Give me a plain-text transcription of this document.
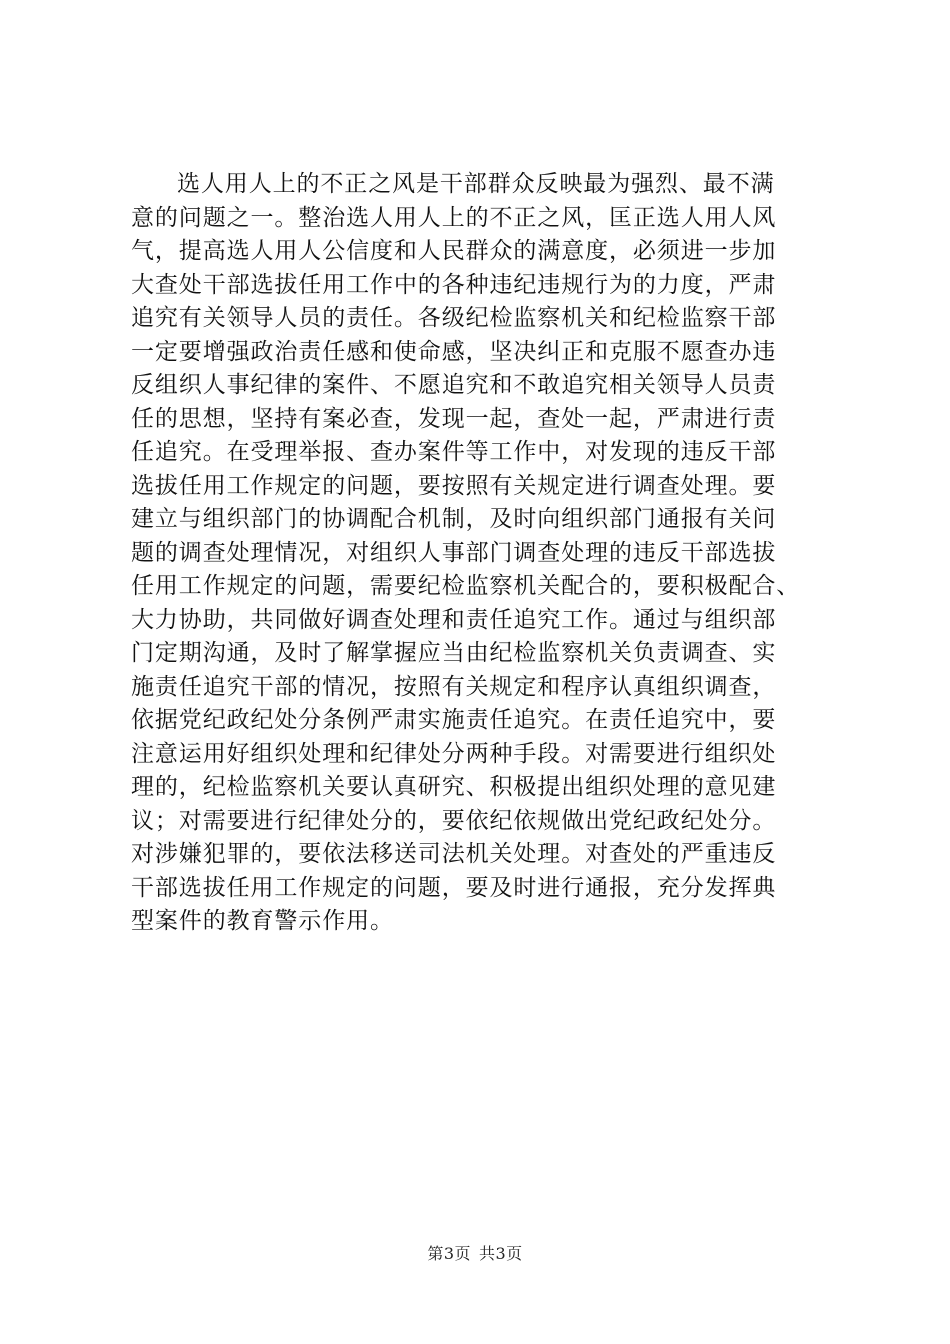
选人用人上的不正之风是干部群众反映最为强烈、最不满
意的问题之一。整治选人用人上的不正之风，匡正选人用人风
气，提高选人用人公信度和人民群众的满意度，必须进一步加
大查处干部选拔任用工作中的各种违纪违规行为的力度，严肃
追究有关领导人员的责任。各级纪检监察机关和纪检监察干部
一定要增强政治责任感和使命感，坚决纠正和克服不愿查办违
反组织人事纪律的案件、不愿追究和不敢追究相关领导人员责
任的思想，坚持有案必查，发现一起，查处一起，严肃进行责
任追究。在受理举报、查办案件等工作中，对发现的违反干部
选拔任用工作规定的问题，要按照有关规定进行调查处理。要
建立与组织部门的协调配合机制，及时向组织部门通报有关问
题的调查处理情况，对组织人事部门调查处理的违反干部选拔
任用工作规定的问题，需要纪检监察机关配合的，要积极配合、
大力协助，共同做好调查处理和责任追究工作。通过与组织部
门定期沟通，及时了解掌握应当由纪检监察机关负责调查、实
施责任追究干部的情况，按照有关规定和程序认真组织调查，
依据党纪政纪处分条例严肃实施责任追究。在责任追究中，要
注意运用好组织处理和纪律处分两种手段。对需要进行组织处
理的，纪检监察机关要认真研究、积极提出组织处理的意见建
议；对需要进行纪律处分的，要依纪依规做出党纪政纪处分。
对涉嫌犯罪的，要依法移送司法机关处理。对查处的严重违反
干部选拔任用工作规定的问题，要及时进行通报，充分发挥典
型案件的教育警示作用。
第3页 共3页
